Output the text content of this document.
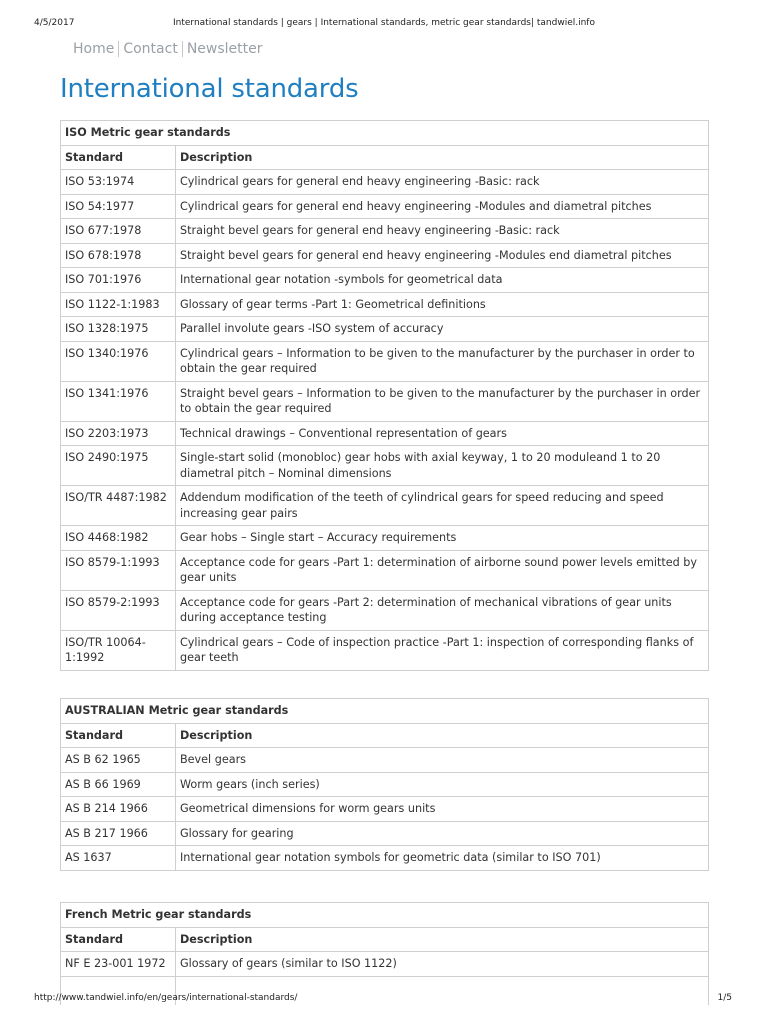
4/5/2017	International standards | gears | International standards, metric gear standards| tandwiel.info
Home Contact Newsletter
International standards
ISO Metric gear standards	
Standard	Description
ISO 53:1974	Cylindrical gears for general end heavy engineering -Basic: rack
ISO 54:1977	Cylindrical gears for general end heavy engineering -Modules and diametral pitches
ISO 677:1978	Straight bevel gears for general end heavy engineering -Basic: rack
ISO 678:1978	Straight bevel gears for general end heavy engineering -Modules end diametral pitches
ISO 701:1976	International gear notation -symbols for geometrical data
ISO 1122-1:1983	Glossary of gear terms -Part 1: Geometrical definitions
ISO 1328:1975	Parallel involute gears -ISO system of accuracy
ISO 1340:1976	Cylindrical gears – Information to be given to the manufacturer by the purchaser in order to obtain the gear required
ISO 1341:1976	Straight bevel gears – Information to be given to the manufacturer by the purchaser in order to obtain the gear required
ISO 2203:1973	Technical drawings – Conventional representation of gears
ISO 2490:1975	Single-start solid (monobloc) gear hobs with axial keyway, 1 to 20 moduleand 1 to 20 diametral pitch – Nominal dimensions
ISO/TR 4487:1982	Addendum modification of the teeth of cylindrical gears for speed reducing and speed increasing gear pairs
ISO 4468:1982	Gear hobs – Single start – Accuracy requirements
ISO 8579-1:1993	Acceptance code for gears -Part 1: determination of airborne sound power levels emitted by gear units
ISO 8579-2:1993	Acceptance code for gears -Part 2: determination of mechanical vibrations of gear units during acceptance testing
ISO/TR 10064-1:1992	Cylindrical gears – Code of inspection practice -Part 1: inspection of corresponding flanks of gear teeth
AUSTRALIAN Metric gear standards	
Standard	Description
AS B 62 1965	Bevel gears
AS B 66 1969	Worm gears (inch series)
AS B 214 1966	Geometrical dimensions for worm gears units
AS B 217 1966	Glossary for gearing
AS 1637	International gear notation symbols for geometric data (similar to ISO 701)
French Metric gear standards	
Standard	Description
NF E 23-001 1972	Glossary of gears (similar to ISO 1122)

http://www.tandwiel.info/en/gears/international-standards/	1/5
